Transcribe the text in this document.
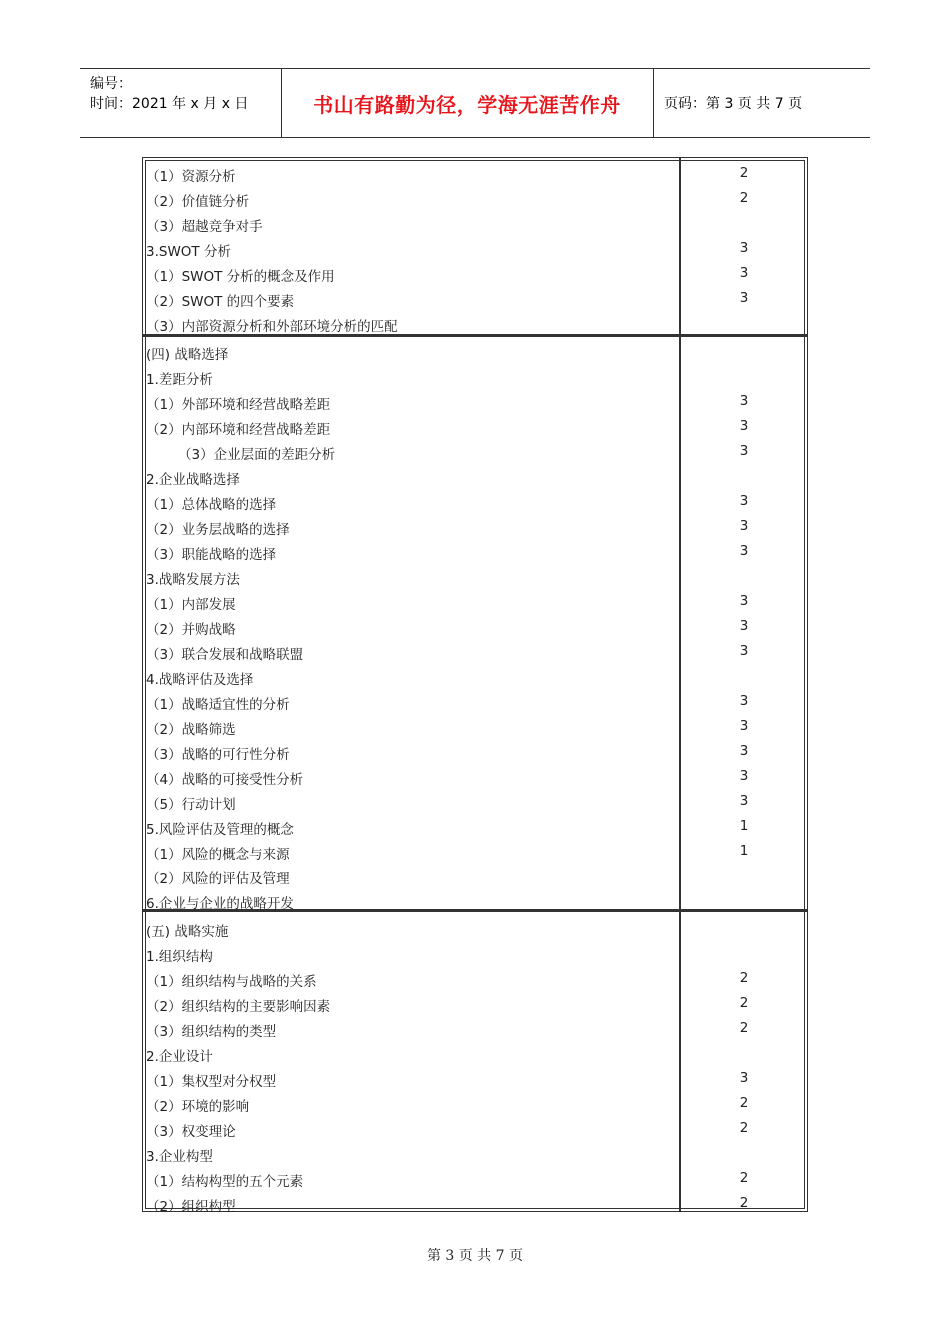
编号：
时间：2021 年 x 月 x 日	书山有路勤为径，学海无涯苦作舟	页码：第 3 页 共 7 页
（1）资源分析	2
（2）价值链分析	2
（3）超越竞争对手
3.SWOT 分析	3
（1）SWOT 分析的概念及作用	3
（2）SWOT 的四个要素	3
（3）内部资源分析和外部环境分析的匹配
(四) 战略选择
1.差距分析
（1）外部环境和经营战略差距	3
（2）内部环境和经营战略差距	3
（3）企业层面的差距分析	3
2.企业战略选择
（1）总体战略的选择	3
（2）业务层战略的选择	3
（3）职能战略的选择	3
3.战略发展方法
（1）内部发展	3
（2）并购战略	3
（3）联合发展和战略联盟	3
4.战略评估及选择
（1）战略适宜性的分析	3
（2）战略筛选	3
（3）战略的可行性分析	3
（4）战略的可接受性分析	3
（5）行动计划	3
5.风险评估及管理的概念	1
（1）风险的概念与来源	1
（2）风险的评估及管理
6.企业与企业的战略开发
(五) 战略实施
1.组织结构
（1）组织结构与战略的关系	2
（2）组织结构的主要影响因素	2
（3）组织结构的类型	2
2.企业设计
（1）集权型对分权型	3
（2）环境的影响	2
（3）权变理论	2
3.企业构型
（1）结构构型的五个元素	2
（2）组织构型	2
第 3 页 共 7 页
